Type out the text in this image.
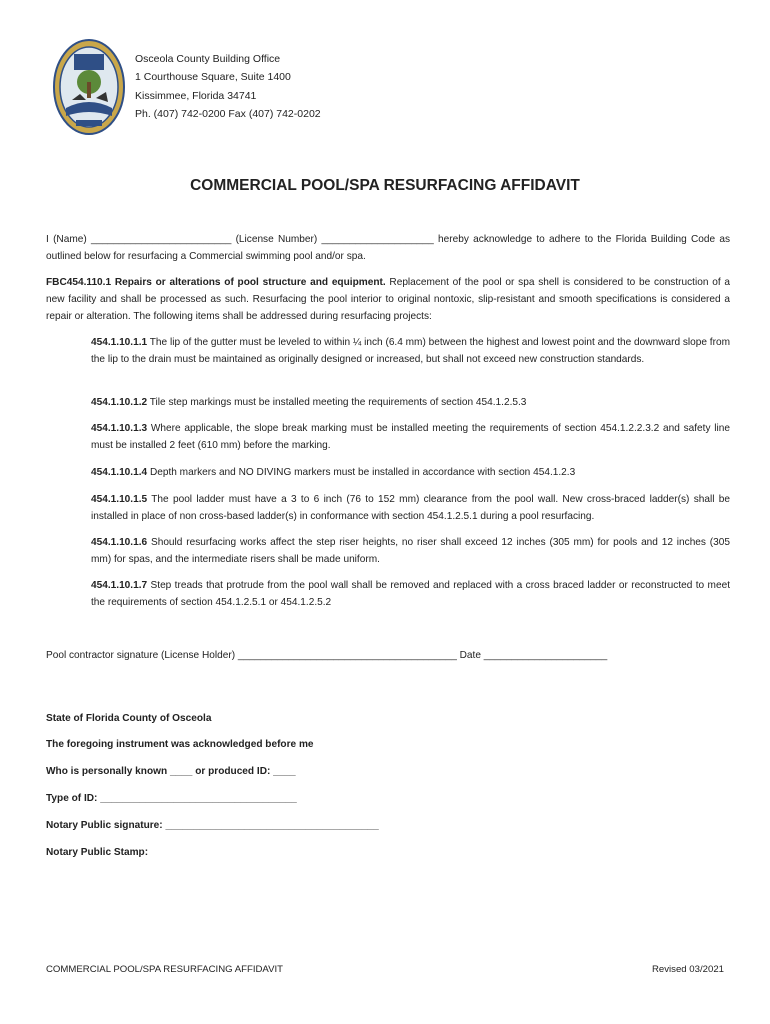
Osceola County Building Office
1 Courthouse Square, Suite 1400
Kissimmee, Florida 34741
Ph. (407) 742-0200 Fax (407) 742-0202
COMMERCIAL POOL/SPA RESURFACING AFFIDAVIT
I (Name) _________________________ (License Number) ____________________ hereby acknowledge to adhere to the Florida Building Code as outlined below for resurfacing a Commercial swimming pool and/or spa.
FBC454.110.1 Repairs or alterations of pool structure and equipment. Replacement of the pool or spa shell is considered to be construction of a new facility and shall be processed as such. Resurfacing the pool interior to original nontoxic, slip-resistant and smooth specifications is considered a repair or alteration. The following items shall be addressed during resurfacing projects:
454.1.10.1.1 The lip of the gutter must be leveled to within ¼ inch (6.4 mm) between the highest and lowest point and the downward slope from the lip to the drain must be maintained as originally designed or increased, but shall not exceed new construction standards.
454.1.10.1.2 Tile step markings must be installed meeting the requirements of section 454.1.2.5.3
454.1.10.1.3 Where applicable, the slope break marking must be installed meeting the requirements of section 454.1.2.2.3.2 and safety line must be installed 2 feet (610 mm) before the marking.
454.1.10.1.4 Depth markers and NO DIVING markers must be installed in accordance with section 454.1.2.3
454.1.10.1.5 The pool ladder must have a 3 to 6 inch (76 to 152 mm) clearance from the pool wall. New cross-braced ladder(s) shall be installed in place of non cross-based ladder(s) in conformance with section 454.1.2.5.1 during a pool resurfacing.
454.1.10.1.6 Should resurfacing works affect the step riser heights, no riser shall exceed 12 inches (305 mm) for pools and 12 inches (305 mm) for spas, and the intermediate risers shall be made uniform.
454.1.10.1.7 Step treads that protrude from the pool wall shall be removed and replaced with a cross braced ladder or reconstructed to meet the requirements of section 454.1.2.5.1 or 454.1.2.5.2
Pool contractor signature (License Holder) _______________________________________ Date ______________________
State of Florida County of Osceola
The foregoing instrument was acknowledged before me
Who is personally known ____ or produced ID: ____
Type of ID: ___________________________________
Notary Public signature: ______________________________________
Notary Public Stamp:
COMMERCIAL POOL/SPA RESURFACING AFFIDAVIT	Revised 03/2021
